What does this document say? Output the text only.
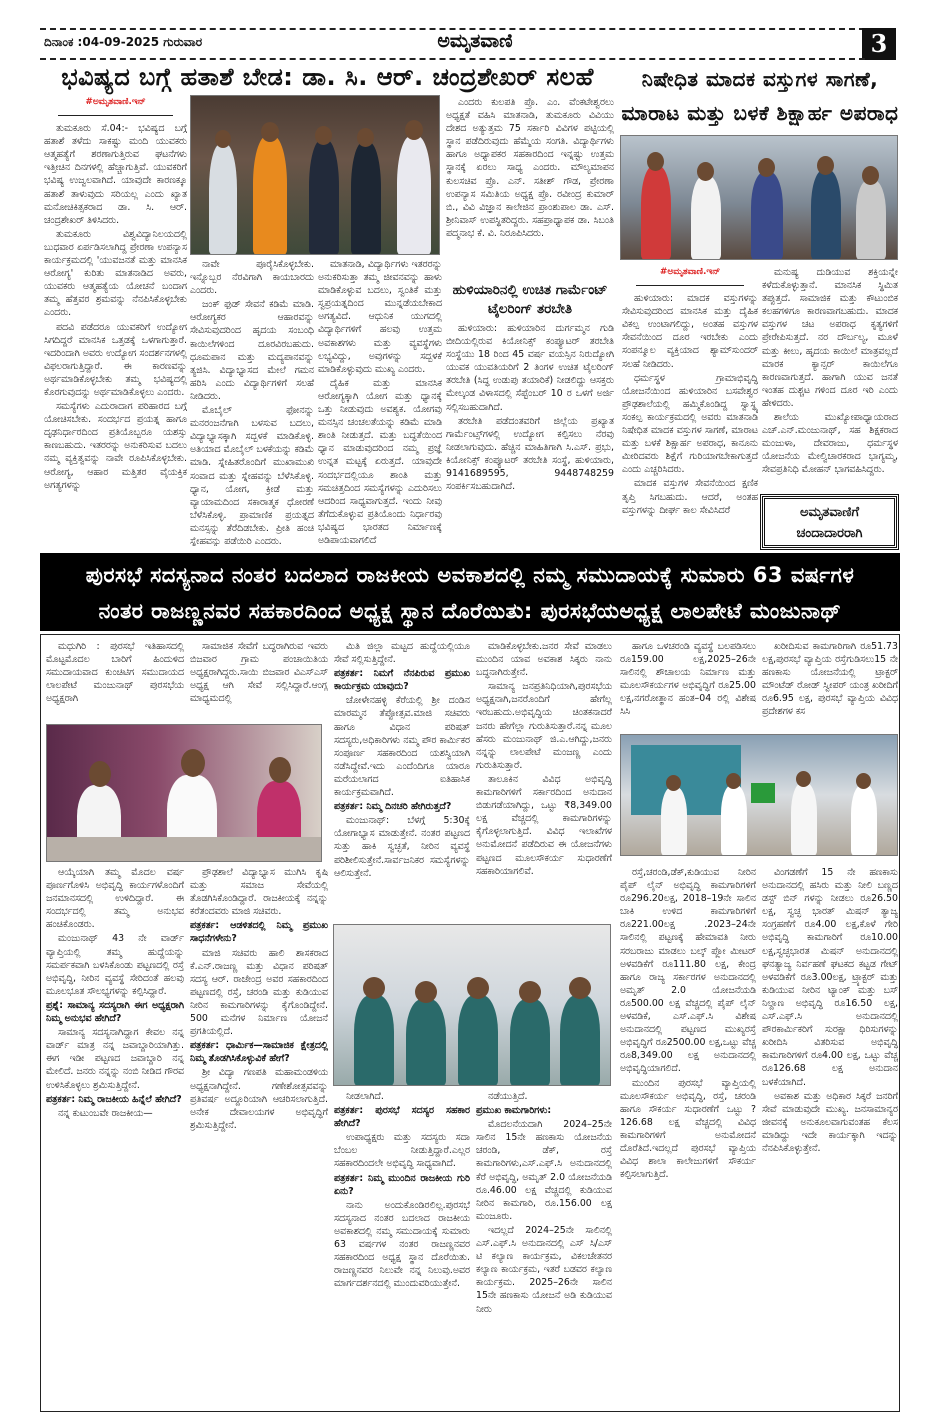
ದಿನಾಂಕ :04-09-2025 ಗುರುವಾರ	ಅಮೃತವಾಣಿ	3
ಭವಿಷ್ಯದ ಬಗ್ಗೆ ಹತಾಶೆ ಬೇಡ: ಡಾ. ಸಿ. ಆರ್. ಚಂದ್ರಶೇಖರ್ ಸಲಹೆ
#ಅಮೃತವಾಣಿ.ಇನ್

ತುಮಕೂರು ಸೆ.04:- ಭವಿಷ್ಯದ ಬಗ್ಗೆ ಹತಾಶೆ ತಳೆದು ಸಾಕಷ್ಟು ಮಂದಿ ಯುವಕರು ಆತ್ಮಹತ್ಯೆಗೆ ಶರಣಾಗುತ್ತಿರುವ ಘಟನೆಗಳು ಇತ್ತೀಚಿನ ದಿನಗಳಲ್ಲಿ ಹೆಚ್ಚಾಗುತ್ತಿವೆ. ಯುವಕರಿಗೆ ಭವಿಷ್ಯ ಉಜ್ವಲವಾಗಿದೆ. ಯಾವುದೇ ಕಾರಣಕ್ಕೂ ಹತಾಶೆ ತಾಳುವುದು ಸರಿಯಲ್ಲ ಎಂದು ಖ್ಯಾತ ಮನೋಚಿಕಿತ್ಸಕರಾದ ಡಾ. ಸಿ. ಆರ್. ಚಂದ್ರಶೇಖರ್ ತಿಳಿಸಿದರು.

ತುಮಕೂರು ವಿಶ್ವವಿದ್ಯಾನಿಲಯದಲ್ಲಿ ಬುಧವಾರ ಏರ್ಪಡಿಸಲಾಗಿದ್ದ ಪ್ರೇರಣಾ ಉಪನ್ಯಾಸ ಕಾರ್ಯಕ್ರಮದಲ್ಲಿ 'ಯುವಜನತೆ ಮತ್ತು ಮಾನಸಿಕ ಆರೋಗ್ಯ' ಕುರಿತು ಮಾತನಾಡಿದ ಅವರು, ಯುವಕರು ಆತ್ಮಹತ್ಯೆಯ ಯೋಚನೆ ಬಂದಾಗ ತಮ್ಮ ಹೆತ್ತವರ ಶ್ರಮವನ್ನು ನೆನಪಿಸಿಕೊಳ್ಳಬೇಕು ಎಂದರು.

ಪದವಿ ಪಡೆದರೂ ಯುವಕರಿಗೆ ಉದ್ಯೋಗ ಸಿಗದಿದ್ದರೆ ಮಾನಸಿಕ ಒತ್ತಡಕ್ಕೆ ಒಳಗಾಗುತ್ತಾರೆ. ಇದರಿಂದಾಗಿ ಅವರು ಉದ್ಯೋಗ ಸಂದರ್ಶನಗಳಲ್ಲಿ ವಿಫಲರಾಗುತ್ತಿದ್ದಾರೆ. ಈ ಕಾರಣವನ್ನು ಅರ್ಥಮಾಡಿಕೊಳ್ಳಬೇಕು ತಮ್ಮ ಭವಿಷ್ಯದಲ್ಲಿ ಕೊರಗುವುದನ್ನು ಅರ್ಥಮಾಡಿಕೊಳ್ಳಲು ಎಂದರು.

ಸಮಸ್ಯೆಗಳು ಎದುರಾದಾಗ ಪರಿಹಾರದ ಬಗ್ಗೆ ಯೋಚಿಸಬೇಕು. ಸಂದರ್ಭದ ಪ್ರಯತ್ನ ಹಾಗೂ ದೃಢನಿರ್ಧಾರದಿಂದ ಪ್ರತಿಯೊಬ್ಬರೂ ಯಶಸ್ಸು ಕಾಣಬಹುದು. ಇತರರನ್ನು ಅನುಕರಿಸುವ ಬದಲು ನಮ್ಮ ವ್ಯಕ್ತಿತ್ವವನ್ನು ನಾವೇ ರೂಪಿಸಿಕೊಳ್ಳಬೇಕು. ಆರೋಗ್ಯ, ಆಹಾರ ಮತ್ತಿತರ ವೈಯಕ್ತಿಕ ಅಗತ್ಯಗಳನ್ನು

ನಾವೇ ಪೂರೈಸಿಕೊಳ್ಳಬೇಕು. ಇನ್ನೊಬ್ಬರ ನೆರವಿಗಾಗಿ ಕಾಯಬಾರದು ಎಂದರು.

ಜಂಕ್ ಫುಡ್ ಸೇವನೆ ಕಡಿಮೆ ಮಾಡಿ. ಆರೋಗ್ಯಕರ ಆಹಾರವನ್ನು ಸೇವಿಸುವುದರಿಂದ ಹೃದಯ ಸಂಬಂಧಿ ಕಾಯಿಲೆಗಳಿಂದ ದೂರವಿರಬಹುದು. ಧೂಮಪಾನ ಮತ್ತು ಮದ್ಯಪಾನವನ್ನು ತ್ಯಜಿಸಿ. ವಿದ್ಯಾಭ್ಯಾಸದ ಮೇಲೆ ಗಮನ ಹರಿಸಿ ಎಂದು ವಿದ್ಯಾರ್ಥಿಗಳಿಗೆ ಸಲಹೆ ನೀಡಿದರು.

ಮೊಬೈಲ್ ಫೋನನ್ನು ಮನರಂಜನೆಗಾಗಿ ಬಳಸುವ ಬದಲು, ವಿದ್ಯಾಭ್ಯಾಸಕ್ಕಾಗಿ ಸದ್ಬಳಕೆ ಮಾಡಿಕೊಳ್ಳಿ. ಅತಿಯಾದ ಮೊಬೈಲ್ ಬಳಕೆಯನ್ನು ಕಡಿಮೆ ಮಾಡಿ. ಸ್ನೇಹಿತರೊಂದಿಗೆ ಮುಖಾಮುಖಿ ಸಂವಾದ ಮತ್ತು ಸ್ನೇಹವನ್ನು ಬೆಳೆಸಿಕೊಳ್ಳಿ. ಧ್ಯಾನ, ಯೋಗ, ಕ್ರೀಡೆ ಮತ್ತು ವ್ಯಾಯಾಮದಿಂದ ಸಕಾರಾತ್ಮಕ ಧೋರಣೆ ಬೆಳೆಸಿಕೊಳ್ಳಿ. ಪ್ರಾಮಾಣಿಕ ಪ್ರಯತ್ನದ ಮನಸ್ಸನ್ನು ತೆರೆದಿಡಬೇಕು. ಪ್ರೀತಿ ಹಂಚಿ ಸ್ನೇಹವನ್ನು ಪಡೆಯಿರಿ ಎಂದರು.

ಮಾತನಾಡಿ, ವಿದ್ಯಾರ್ಥಿಗಳು ಇತರರನ್ನು ಅನುಕರಿಸುತ್ತಾ ತಮ್ಮ ಜೀವನವನ್ನು ಹಾಳು ಮಾಡಿಕೊಳ್ಳುವ ಬದಲು, ಸ್ವಂತಿಕೆ ಮತ್ತು ಸ್ವಪ್ರಯತ್ನದಿಂದ ಮುನ್ನಡೆಯಬೇಕಾದ ಅಗತ್ಯವಿದೆ. ಆಧುನಿಕ ಯುಗದಲ್ಲಿ ವಿದ್ಯಾರ್ಥಿಗಳಿಗೆ ಹಲವು ಉತ್ತಮ ಅವಕಾಶಗಳು ಮತ್ತು ವ್ಯವಸ್ಥೆಗಳು ಲಭ್ಯವಿದ್ದು, ಅವುಗಳನ್ನು ಸದ್ಬಳಕೆ ಮಾಡಿಕೊಳ್ಳುವುದು ಮುಖ್ಯ ಎಂದರು.

ದೈಹಿಕ ಮತ್ತು ಮಾನಸಿಕ ಆರೋಗ್ಯಕ್ಕಾಗಿ ಯೋಗ ಮತ್ತು ಧ್ಯಾನಕ್ಕೆ ಒತ್ತು ನೀಡುವುದು ಅವಶ್ಯಕ. ಯೋಗವು ಮನಸ್ಸಿನ ಚಂಚಲತೆಯನ್ನು ಕಡಿಮೆ ಮಾಡಿ ಶಾಂತಿ ನೀಡುತ್ತದೆ. ಮತ್ತು ಬದ್ಧತೆಯಿಂದ ಧ್ಯಾನ ಮಾಡುವುದರಿಂದ ನಮ್ಮ ಪ್ರಜ್ಞೆ ಉನ್ನತ ಮಟ್ಟಕ್ಕೆ ಏರುತ್ತದೆ. ಯಾವುದೇ ಸಂದರ್ಭದಲ್ಲಿಯೂ ಶಾಂತಿ ಮತ್ತು ಸಮಚಿತ್ತದಿಂದ ಸಮಸ್ಯೆಗಳನ್ನು ಎದುರಿಸಲು ಆದರಿಂದ ಸಾಧ್ಯವಾಗುತ್ತದೆ. ಇಂದು ನೀವು ತೆಗೆದುಕೊಳ್ಳುವ ಪ್ರತಿಯೊಂದು ನಿರ್ಧಾರವು ಭವಿಷ್ಯದ ಭಾರತದ ನಿರ್ಮಾಣಕ್ಕೆ ಅಡಿಪಾಯವಾಗಲಿದೆ

ಎಂದರು ಕುಲಪತಿ ಪ್ರೊ. ಎಂ. ವೆಂಕಟೇಶ್ವರಲು ಅಧ್ಯಕ್ಷತೆ ವಹಿಸಿ ಮಾತನಾಡಿ, ತುಮಕೂರು ವಿವಿಯು ದೇಶದ ಅತ್ಯುತ್ತಮ 75 ಸರ್ಕಾರಿ ವಿವಿಗಳ ಪಟ್ಟಿಯಲ್ಲಿ ಸ್ಥಾನ ಪಡೆದಿರುವುದು ಹೆಮ್ಮೆಯ ಸಂಗತಿ. ವಿದ್ಯಾರ್ಥಿಗಳು ಹಾಗೂ ಅಧ್ಯಾಪಕರ ಸಹಕಾರದಿಂದ ಇನ್ನಷ್ಟು ಉತ್ತಮ ಸ್ಥಾನಕ್ಕೆ ಏರಲು ಸಾಧ್ಯ ಎಂದರು. ಮೌಲ್ಯಮಾಪನ ಕುಲಸಚಿವ ಪ್ರೊ. ಎನ್. ಸತೀಶ್ ಗೌಡ, ಪ್ರೇರಣಾ ಉಪನ್ಯಾಸ ಸಮಿತಿಯ ಅಧ್ಯಕ್ಷ ಪ್ರೊ. ರವೀಂದ್ರ ಕುಮಾರ್ ಬಿ., ವಿವಿ ವಿಜ್ಞಾನ ಕಾಲೇಜಿನ ಪ್ರಾಂಶುಪಾಲ ಡಾ. ಎಸ್. ಶ್ರೀನಿವಾಸ್ ಉಪಸ್ಥಿತರಿದ್ದರು. ಸಹಪ್ರಾಧ್ಯಾಪಕ ಡಾ. ಸಿಬಂತಿ ಪದ್ಮನಾಭ ಕೆ. ವಿ. ನಿರೂಪಿಸಿದರು.

ಹುಳಿಯಾರಿನಲ್ಲಿ ಉಚಿತ ಗಾರ್ಮೆಂಟ್ ಟೈಲರಿಂಗ್ ತರಬೇತಿ

ಹುಳಿಯಾರು: ಹುಳಿಯಾರಿನ ದುರ್ಗಮ್ಮನ ಗುಡಿ ಬೀದಿಯಲ್ಲಿರುವ ಕಿಯೋನಿಕ್ಸ್ ಕಂಪ್ಯೂಟರ್ ತರಬೇತಿ ಸಂಸ್ಥೆಯು 18 ರಿಂದ 45 ವರ್ಷ ವಯಸ್ಸಿನ ನಿರುದ್ಯೋಗಿ ಯುವಕ ಯುವತಿಯರಿಗೆ 2 ತಿಂಗಳ ಉಚಿತ ಟೈಲರಿಂಗ್ ತರಬೇತಿ (ಸಿದ್ಧ ಉಡುಪು ತಯಾರಿಕೆ) ನೀಡಲಿದ್ದು ಆಸಕ್ತರು ಮೇಲ್ಕಂಡ ವಿಳಾಸದಲ್ಲಿ ಸೆಪ್ಟೆಂಬರ್ 10 ರ ಒಳಗೆ ಅರ್ಜಿ ಸಲ್ಲಿಸಬಹುದಾಗಿದೆ.

ತರಬೇತಿ ಪಡೆದಂತವರಿಗೆ ಜಿಲ್ಲೆಯ ಪ್ರಖ್ಯಾತ ಗಾರ್ಮೆಂಟ್ಸ್‌ಗಳಲ್ಲಿ ಉದ್ಯೋಗ ಕಲ್ಪಿಸಲು ನೆರವು ನೀಡಲಾಗುವುದು. ಹೆಚ್ಚಿನ ಮಾಹಿತಿಗಾಗಿ ಸಿ.ಎಸ್. ಪ್ರಭು, ಕಿಯೋನಿಕ್ಸ್ ಕಂಪ್ಯೂಟರ್ ತರಬೇತಿ ಸಂಸ್ಥೆ, ಹುಳಿಯಾರು, 9141689595, 9448748259 ಸಂಪರ್ಕಿಸಬಹುದಾಗಿದೆ.

ನಿಷೇಧಿತ ಮಾದಕ ವಸ್ತುಗಳ ಸಾಗಣೆ,
ಮಾರಾಟ ಮತ್ತು ಬಳಕೆ ಶಿಕ್ಷಾರ್ಹ ಅಪರಾಧ
#ಅಮೃತವಾಣಿ.ಇನ್

ಹುಳಿಯಾರು: ಮಾದಕ ವಸ್ತುಗಳನ್ನು ಸೇವಿಸುವುದರಿಂದ ಮಾನಸಿಕ ಮತ್ತು ದೈಹಿಕ ವಿಕಲ್ಪ ಉಂಟಾಗಲಿದ್ದು, ಅಂತಹ ವಸ್ತುಗಳ ಸೇವನೆಯಿಂದ ದೂರ ಇರಬೇಕು ಎಂದು ಸಂಪನ್ಮೂಲ ವ್ಯಕ್ತಿಯಾದ ಶ್ಯಾಮ್‌ಸುಂದರ್ ಸಲಹೆ ನೀಡಿದರು.

ಧರ್ಮಸ್ಥಳ ಗ್ರಾಮಾಭಿವೃದ್ಧಿ ಯೋಜನೆಯಿಂದ ಹುಳಿಯಾರಿನ ಬಸವೇಶ್ವರ ಪ್ರೌಢಶಾಲೆಯಲ್ಲಿ ಹಮ್ಮಿಕೊಂಡಿದ್ದ ಸ್ವಾಸ್ಥ್ಯ ಸಂಕಲ್ಪ ಕಾರ್ಯಕ್ರಮದಲ್ಲಿ ಅವರು ಮಾತನಾಡಿ ನಿಷೇಧಿತ ಮಾದಕ ವಸ್ತುಗಳ ಸಾಗಣೆ, ಮಾರಾಟ ಮತ್ತು ಬಳಕೆ ಶಿಕ್ಷಾರ್ಹ ಅಪರಾಧ, ಕಾನೂನು ಮೀರಿದವರು ಶಿಕ್ಷೆಗೆ ಗುರಿಯಾಗಬೇಕಾಗುತ್ತದೆ ಎಂದು ಎಚ್ಚರಿಸಿದರು.

ಮಾದಕ ವಸ್ತುಗಳ ಸೇವನೆಯಿಂದ ಕ್ಷಣಿಕ ತೃಪ್ತಿ ಸಿಗಬಹುದು. ಆದರೆ, ಅಂತಹ ವಸ್ತುಗಳನ್ನು ದೀರ್ಘ ಕಾಲ ಸೇವಿಸಿದರೆ

ಮನುಷ್ಯ ದುಡಿಯುವ ಶಕ್ತಿಯನ್ನೇ ಕಳೆದುಕೊಳ್ಳುತ್ತಾನೆ. ಮಾನಸಿಕ ಸ್ಥಿಮಿತ ತಪ್ಪುತ್ತದೆ. ಸಾಮಾಜಿಕ ಮತ್ತು ಕೌಟುಂಬಿಕ ಕಲಹಗಳಿಗೂ ಕಾರಣವಾಗಬಹುದು. ಮಾದಕ ವಸ್ತುಗಳ ಚಟ ಅಪರಾಧ ಕೃತ್ಯಗಳಿಗೆ ಪ್ರೇರೇಪಿಸುತ್ತದೆ. ನರ ದೌರ್ಬಲ್ಯ, ಮೂಳೆ ಮತ್ತು ಕೀಲು, ಹೃದಯ ಕಾಯಿಲೆ ಮಾತ್ರವಲ್ಲದೆ ಮಾರಕ ಕ್ಯಾನ್ಸರ್ ಕಾಯಿಲೆಗೂ ಕಾರಣವಾಗುತ್ತದೆ. ಹಾಗಾಗಿ ಯುವ ಜನತೆ ಇಂತಹ ದುಶ್ಚಟ ಗಳಿಂದ ದೂರ ಇರಿ ಎಂದು ಹೇಳಿದರು.

ಶಾಲೆಯ ಮುಖ್ಯೋಪಾಧ್ಯಾಯರಾದ ಎಚ್.ಎನ್.ಮಂಜುನಾಥ್, ಸಹ ಶಿಕ್ಷಕರಾದ ಮಂಜುಳಾ, ದೇವರಾಜು, ಧರ್ಮಸ್ಥಳ ಯೋಜನೆಯ ಮೇಲ್ವಿಚಾರಕರಾದ ಭಾಗ್ಯಮ್ಮ, ಸೇವಪ್ರತಿನಿಧಿ ಮೋಹನ್ ಭಾಗವಹಿಸಿದ್ದರು.

ಅಮೃತವಾಣಿಗೆ
ಚಂದಾದಾರರಾಗಿ
ಪುರಸಭೆ ಸದಸ್ಯನಾದ ನಂತರ ಬದಲಾದ ರಾಜಕೀಯ ಅವಕಾಶದಲ್ಲಿ ನಮ್ಮ ಸಮುದಾಯಕ್ಕೆ ಸುಮಾರು 63 ವರ್ಷಗಳ
ನಂತರ ರಾಜಣ್ಣನವರ ಸಹಕಾರದಿಂದ ಅಧ್ಯಕ್ಷ ಸ್ಥಾನ ದೊರೆಯಿತು: ಪುರಸಭೆಯಅಧ್ಯಕ್ಷ ಲಾಲಪೇಟೆ ಮಂಜುನಾಥ್

ಮಧುಗಿರಿ : ಪುರಸಭೆ ಇತಿಹಾಸದಲ್ಲಿ ಮೊಟ್ಟಮೊದಲ ಬಾರಿಗೆ ಹಿಂದುಳಿದ ಸಮುದಾಯವಾದ ಕುಂಚಿಟಿಗ ಸಮುದಾಯದ ಲಾಲಪೇಟೆ ಮಂಜುನಾಥ್ ಪುರಸಭೆಯ ಅಧ್ಯಕ್ಷರಾಗಿ

ಸಾಮಾಜಿಕ ಸೇವೆಗೆ ಬದ್ಧರಾಗಿರುವ ಇವರು ಬಿಜವಾರ ಗ್ರಾಮ ಪಂಚಾಯಿತಿಯ ಅಧ್ಯಕ್ಷರಾಗಿದ್ದರು.ಸಾಯಿ ಬಿಜವಾರ ವಿಎಸ್‌ಎಸ್ ಅಧ್ಯಕ್ಷ ಆಗಿ ಸೇವೆ ಸಲ್ಲಿಸಿದ್ದಾರೆ.ಆಂಗ್ಲ ಮಾಧ್ಯಮದಲ್ಲಿ

ಆಯ್ಕೆಯಾಗಿ ತಮ್ಮ ಮೊದಲ ವರ್ಷ ಪೂರ್ಣಗೊಳಿಸಿ ಅಭಿವೃದ್ಧಿ ಕಾರ್ಯಗಳೊಂದಿಗೆ ಜನಮಾನಸದಲ್ಲಿ ಉಳಿದಿದ್ದಾರೆ. ಈ ಸಂದರ್ಭದಲ್ಲಿ ತಮ್ಮ ಅನುಭವ ಹಂಚಿಕೊಂಡರು.

ಮಂಜುನಾಥ್ 43 ನೇ ವಾರ್ಡ್ ವ್ಯಾಪ್ತಿಯಲ್ಲಿ ತಮ್ಮ ಹುದ್ದೆಯನ್ನು ಸಮರ್ಪಕವಾಗಿ ಬಳಸಿಕೊಂಡು ಪಟ್ಟಣದಲ್ಲಿ ರಸ್ತೆ ಅಭಿವೃದ್ಧಿ, ನೀರಿನ ವ್ಯವಸ್ಥೆ ಸೇರಿದಂತೆ ಹಲವು ಮೂಲಭೂತ ಸೌಲಭ್ಯಗಳನ್ನು ಕಲ್ಪಿಸಿದ್ದಾರೆ.

ಪ್ರಶ್ನೆ: ಸಾಮಾನ್ಯ ಸದಸ್ಯರಾಗಿ ಈಗ ಅಧ್ಯಕ್ಷರಾಗಿ ನಿಮ್ಮ ಅನುಭವ ಹೇಗಿದೆ?

ಸಾಮಾನ್ಯ ಸದಸ್ಯನಾಗಿದ್ದಾಗ ಕೇವಲ ನನ್ನ ವಾರ್ಡ್ ಮಾತ್ರ ನನ್ನ ಜವಾಬ್ದಾರಿಯಾಗಿತ್ತು. ಈಗ ಇಡೀ ಪಟ್ಟಣದ ಜವಾಬ್ದಾರಿ ನನ್ನ ಮೇಲಿದೆ. ಜನರು ನನ್ನನ್ನು ನಂಬಿ ನೀಡಿದ ಗೌರವ ಉಳಿಸಿಕೊಳ್ಳಲು ಶ್ರಮಿಸುತ್ತಿದ್ದೇನೆ.

ಪತ್ರಕರ್ತ: ನಿಮ್ಮ ರಾಜಕೀಯ ಹಿನ್ನೆಲೆ ಹೇಗಿದೆ?

ನನ್ನ ಕುಟುಂಬವೇ ರಾಜಕೀಯ—

ಪ್ರೌಢಶಾಲೆ ವಿದ್ಯಾಭ್ಯಾಸ ಮುಗಿಸಿ ಕೃಷಿ ಮತ್ತು ಸಮಾಜ ಸೇವೆಯಲ್ಲಿ ತೊಡಗಿಸಿಕೊಂಡಿದ್ದಾರೆ. ರಾಜಕೀಯಕ್ಕೆ ನನ್ನನ್ನು ಕರೆತಂದವರು ಮಾಜಿ ಸಚಿವರು.

ಪತ್ರಕರ್ತ: ಆಡಳಿತದಲ್ಲಿ ನಿಮ್ಮ ಪ್ರಮುಖ ಸಾಧನೆಗಳೇನು?

ಮಾಜಿ ಸಚಿವರು ಹಾಲಿ ಶಾಸಕರಾದ ಕೆ.ಎನ್.ರಾಜಣ್ಣ ಮತ್ತು ವಿಧಾನ ಪರಿಷತ್ ಸದಸ್ಯ ಆರ್. ರಾಜೇಂದ್ರ ಅವರ ಸಹಕಾರದಿಂದ ಪಟ್ಟಣದಲ್ಲಿ ರಸ್ತೆ, ಚರಂಡಿ ಮತ್ತು ಕುಡಿಯುವ ನೀರಿನ ಕಾಮಗಾರಿಗಳನ್ನು ಕೈಗೊಂಡಿದ್ದೇನೆ. 500 ಮನೆಗಳ ನಿರ್ಮಾಣ ಯೋಜನೆ ಪ್ರಗತಿಯಲ್ಲಿದೆ.

ಪತ್ರಕರ್ತ: ಧಾರ್ಮಿಕ—ಸಾಮಾಜಿಕ ಕ್ಷೇತ್ರದಲ್ಲಿ ನಿಮ್ಮ ತೊಡಗಿಸಿಕೊಳ್ಳುವಿಕೆ ಹೇಗೆ?

ಶ್ರೀ ವಿದ್ಯಾ ಗಣಪತಿ ಮಹಾಮಂಡಳಿಯ ಅಧ್ಯಕ್ಷನಾಗಿದ್ದೇನೆ. ಗಣೇಶೋತ್ಸವವನ್ನು ಪ್ರತಿವರ್ಷ ಅದ್ದೂರಿಯಾಗಿ ಆಚರಿಸಲಾಗುತ್ತಿದೆ. ಅನೇಕ ದೇವಾಲಯಗಳ ಅಭಿವೃದ್ಧಿಗೆ ಶ್ರಮಿಸುತ್ತಿದ್ದೇನೆ.

ಮಿತಿ ಜಿಲ್ಲಾ ಮಟ್ಟದ ಹುದ್ದೆಯಲ್ಲಿಯೂ ಸೇವೆ ಸಲ್ಲಿಸುತ್ತಿದ್ದೇನೆ.

ಪತ್ರಕರ್ತ: ನಿಮಗೆ ನೆನಪಿರುವ ಪ್ರಮುಖ ಕಾರ್ಯಕ್ರಮ ಯಾವುದು?

ಚೋಳೇನಹಳ್ಳಿ ಕೆರೆಯಲ್ಲಿ ಶ್ರೀ ದಂಡಿನ ಮಾರಮ್ಮನ ತೆಪ್ಪೋತ್ಸವ.ಮಾಜಿ ಸಚಿವರು ಹಾಗೂ ವಿಧಾನ ಪರಿಷತ್ ಸದಸ್ಯರು,ಅಧಿಕಾರಿಗಳು ನಮ್ಮ ಪೌರ ಕಾರ್ಮಿಕರ ಸಂಪೂರ್ಣ ಸಹಕಾರದಿಂದ ಯಶಸ್ವಿಯಾಗಿ ನಡೆಸಿದ್ದೇವೆ.ಇದು ಎಂದೆಂದಿಗೂ ಯಾರೂ ಮರೆಯಲಾಗದ ಐತಿಹಾಸಿಕ ಕಾರ್ಯಕ್ರಮವಾಗಿದೆ.

ಪತ್ರಕರ್ತ: ನಿಮ್ಮ ದಿನಚರಿ ಹೇಗಿರುತ್ತದೆ?

ಮಂಜುನಾಥ್: ಬೆಳಗ್ಗೆ 5:30ಕ್ಕೆ ಯೋಗಾಭ್ಯಾಸ ಮಾಡುತ್ತೇನೆ. ನಂತರ ಪಟ್ಟಣದ ಸುತ್ತು ಹಾಕಿ ಸ್ವಚ್ಛತೆ, ನೀರಿನ ವ್ಯವಸ್ಥೆ ಪರಿಶೀಲಿಸುತ್ತೇನೆ.ಸಾರ್ವಜನಿಕರ ಸಮಸ್ಯೆಗಳನ್ನು ಆಲಿಸುತ್ತೇನೆ.

ಮಾಡಿಕೊಳ್ಳಬೇಕು.ಜನರ ಸೇವೆ ಮಾಡಲು ಮುಂದಿನ ಯಾವ ಅವಕಾಶ ಸಿಕ್ಕರು ನಾನು ಬದ್ಧನಾಗಿರುತ್ತೇನೆ.

ಸಾಮಾನ್ಯ ಜನಪ್ರತಿನಿಧಿಯಾಗಿ,ಪುರಸಭೆಯ ಅಧ್ಯಕ್ಷನಾಗಿ,ಜನರೊಂದಿಗೆ ಹೇಗೆಲ್ಲ ಇರಬಹುದು.ಅಭಿವೃದ್ಧಿಯ ಚಿಂತಕನಾದರೆ ಜನರು ಹೇಗೆಲ್ಲಾ ಗುರುತಿಸುತ್ತಾರೆ.ನನ್ನ ಮೂಲ ಹೆಸರು ಮಂಜುನಾಥ್ ಜಿ.ಎ.ಆಗಿದ್ದು,ಜನರು ನನ್ನನ್ನು ಲಾಲಪೇಟೆ ಮಂಜಣ್ಣ ಎಂದು ಗುರುತಿಸುತ್ತಾರೆ.

ತಾಲೂಕಿನ ವಿವಿಧ ಅಭಿವೃದ್ಧಿ ಕಾಮಗಾರಿಗಳಿಗೆ ಸರ್ಕಾರದಿಂದ ಅನುದಾನ ಬಿಡುಗಡೆಯಾಗಿದ್ದು, ಒಟ್ಟು ₹8,349.00 ಲಕ್ಷ ವೆಚ್ಚದಲ್ಲಿ ಕಾಮಗಾರಿಗಳನ್ನು ಕೈಗೊಳ್ಳಲಾಗುತ್ತಿದೆ. ವಿವಿಧ ಇಲಾಖೆಗಳ ಅನುಮೋದನೆ ಪಡೆದಿರುವ ಈ ಯೋಜನೆಗಳು ಪಟ್ಟಣದ ಮೂಲಸೌಕರ್ಯ ಸುಧಾರಣೆಗೆ ಸಹಕಾರಿಯಾಗಲಿವೆ.

ನೀಡಲಾಗಿದೆ.

ಪತ್ರಕರ್ತ: ಪುರಸಭೆ ಸದಸ್ಯರ ಸಹಕಾರ ಹೇಗಿದೆ?

ಉಪಾಧ್ಯಕ್ಷರು ಮತ್ತು ಸದಸ್ಯರು ಸದಾ ಬೆಂಬಲ ನೀಡುತ್ತಿದ್ದಾರೆ.ಎಲ್ಲರ ಸಹಕಾರದಿಂದಲೇ ಅಭಿವೃದ್ಧಿ ಸಾಧ್ಯವಾಗಿದೆ.

ಪತ್ರಕರ್ತ: ನಿಮ್ಮ ಮುಂದಿನ ರಾಜಕೀಯ ಗುರಿ ಏನು?

ನಾನು ಅಂದುಕೊಂಡಿರಲಿಲ್ಲ.ಪುರಸಭೆ ಸದಸ್ಯನಾದ ನಂತರ ಬದಲಾದ ರಾಜಕೀಯ ಅವಕಾಶದಲ್ಲಿ ನಮ್ಮ ಸಮುದಾಯಕ್ಕೆ ಸುಮಾರು 63 ವರ್ಷಗಳ ನಂತರ ರಾಜಣ್ಣನವರ ಸಹಕಾರದಿಂದ ಅಧ್ಯಕ್ಷ ಸ್ಥಾನ ದೊರೆಯಿತು. ರಾಜಣ್ಣನವರ ನಿಲುವೇ ನನ್ನ ನಿಲುವು.ಅವರ ಮಾರ್ಗದರ್ಶನದಲ್ಲಿ ಮುಂದುವರಿಯುತ್ತೇನೆ.

ನಡೆಯುತ್ತಿದೆ.

ಪ್ರಮುಖ ಕಾಮಗಾರಿಗಳು:

ಮೊದಲನೆಯದಾಗಿ 2024–25ನೇ ಸಾಲಿನ 15ನೇ ಹಣಕಾಸು ಯೋಜನೆಯ ಚರಂಡಿ, ಡೆಕ್, ರಸ್ತೆ ಕಾಮಗಾರಿಗಳು,ಎಸ್.ಎಫ್.ಸಿ ಅನುದಾನದಲ್ಲಿ ಕೆರೆ ಅಭಿವೃದ್ಧಿ, ಅಮೃತ್ 2.0 ಯೋಜನೆಯಡಿ ರೂ.46.00 ಲಕ್ಷ ವೆಚ್ಚದಲ್ಲಿ ಕುಡಿಯುವ ನೀರಿನ ಕಾಮಗಾರಿ, ರೂ.156.00 ಲಕ್ಷ ಮಂಜೂರು.

ಇದಲ್ಲದೆ 2024–25ನೇ ಸಾಲಿನಲ್ಲಿ ಎಸ್.ಎಫ್.ಸಿ ಅನುದಾನದಲ್ಲಿ ಎಸ್ ಸಿ/ಎಸ್ ಟಿ ಕಲ್ಯಾಣ ಕಾರ್ಯಕ್ರಮ, ವಿಕಲಚೇತನರ ಕಲ್ಯಾಣ ಕಾರ್ಯಕ್ರಮ, ಇತರೆ ಬಡವರ ಕಲ್ಯಾಣ ಕಾರ್ಯಕ್ರಮ. 2025–26ನೇ ಸಾಲಿನ 15ನೇ ಹಣಕಾಸು ಯೋಜನೆ ಅಡಿ ಕುಡಿಯುವ ನೀರು

ಹಾಗೂ ಒಳಚರಂಡಿ ವ್ಯವಸ್ಥೆ ಬಲಪಡಿಸಲು ರೂ159.00 ಲಕ್ಷ,2025–26ನೇ ಸಾಲಿನಲ್ಲಿ ಶೌಚಾಲಯ ನಿರ್ಮಾಣ ಮತ್ತು ಮೂಲಸೌಕರ್ಯಗಳ ಅಭಿವೃದ್ಧಿಗೆ ರೂ25.00 ಲಕ್ಷ,ನಗರೋತ್ಥಾನ ಹಂತ–04 ರಲ್ಲಿ ವಿಶೇಷ ಸಿಸಿ

ಖರೀದಿಸುವ ಕಾಮಗಾರಿಗಾಗಿ ರೂ51.73 ಲಕ್ಷ,ಪುರಸಭೆ ವ್ಯಾಪ್ತಿಯ ರಸ್ತೆಗುಡಿಸಲು15 ನೇ ಹಣಕಾಸು ಯೋಜನೆಯಲ್ಲಿ ಟ್ರಾಕ್ಟರ್ ಮೌಂಟೆಡ್ ರೋಡ್ ಸ್ವೀಪರ್ ಯಂತ್ರ ಖರೀದಿಗೆ ರೂ6.95 ಲಕ್ಷ, ಪುರಸಭೆ ವ್ಯಾಪ್ತಿಯ ವಿವಿಧ ಪ್ರದೇಶಗಳ ಕಸ

ರಸ್ತೆ,ಚರಂಡಿ,ಡೆಕ್,ಕುಡಿಯುವ ನೀರಿನ ಪೈಪ್ ಲೈನ್ ಅಭಿವೃದ್ಧಿ ಕಾಮಗಾರಿಗಳಿಗೆ ರೂ296.20ಲಕ್ಷ, 2018–19ನೇ ಸಾಲಿನ ಬಾಕಿ ಉಳಿದ ಕಾಮಗಾರಿಗಳಿಗೆ ರೂ221.00ಲಕ್ಷ .2023–24ನೇ ಸಾಲಿನಲ್ಲಿ ಪಟ್ಟಣಕ್ಕೆ ಹೇಮಾವತಿ ನೀರು ಸರಬರಾಜು ಮಾಡಲು ಬಲ್ಕ್ ಪ್ಲೋ ಮೀಟರ್ ಅಳವಡಿಕೆಗೆ ರೂ111.80 ಲಕ್ಷ, ಕೇಂದ್ರ ಹಾಗೂ ರಾಜ್ಯ ಸರ್ಕಾರಗಳ ಅನುದಾನದಲ್ಲಿ ಅಮೃತ್ 2.0 ಯೋಜನೆಯಡಿ ರೂ500.00 ಲಕ್ಷ ವೆಚ್ಚದಲ್ಲಿ ಪೈಪ್ ಲೈನ್ ಅಳವಡಿಕೆ, ಎಸ್.ಎಫ್.ಸಿ ವಿಶೇಷ ಅನುದಾನದಲ್ಲಿ ಪಟ್ಟಣದ ಮುಖ್ಯರಸ್ತೆ ಅಭಿವೃದ್ಧಿಗೆ ರೂ2500.00 ಲಕ್ಷ,ಒಟ್ಟು ವೆಚ್ಚ ರೂ8,349.00 ಲಕ್ಷ ಅನುದಾನದಲ್ಲಿ ಅಭಿವೃದ್ಧಿಯಾಗಲಿದೆ.

ಮುಂದಿನ ಪುರಸಭೆ ವ್ಯಾಪ್ತಿಯಲ್ಲಿ ಮೂಲಸೌಕರ್ಯ ಅಭಿವೃದ್ಧಿ, ರಸ್ತೆ, ಚರಂಡಿ ಹಾಗೂ ಸೌಕರ್ಯ ಸುಧಾರಣೆಗೆ ಒಟ್ಟು ?126.68 ಲಕ್ಷ ವೆಚ್ಚದಲ್ಲಿ ವಿವಿಧ ಕಾಮಗಾರಿಗಳಿಗೆ ಅನುಮೋದನೆ ದೊರೆತಿದೆ.ಇದಲ್ಲದೆ ಪುರಸಭೆ ವ್ಯಾಪ್ತಿಯ ವಿವಿಧ ಶಾಲಾ ಕಾಲೇಜುಗಳಿಗೆ ಸೌಕರ್ಯ ಕಲ್ಪಿಸಲಾಗುತ್ತಿದೆ.

ವಿಂಗಡಣೆಗೆ 15 ನೇ ಹಣಕಾಸು ಅನುದಾನದಲ್ಲಿ ಹಸಿರು ಮತ್ತು ನೀಲಿ ಬಣ್ಣದ ಡಸ್ಟ್ ಬಿನ್ ಗಳನ್ನು ನೀಡಲು ರೂ26.50 ಲಕ್ಷ, ಸ್ವಚ್ಛ ಭಾರತ್ ಮಿಷನ್ ತ್ಯಾಜ್ಯ ಸಂಗ್ರಹಣೆಗೆ ರೂ4.00 ಲಕ್ಷ,ಕೊಳೆ ಗೇರಿ ಅಭಿವೃದ್ಧಿ ಕಾಮಗಾರಿಗೆ ರೂ10.00 ಲಕ್ಷ,ಸ್ವಚ್ಛಭಾರತ ಮಿಷನ್ ಅನುದಾನದಲ್ಲಿ ಘನತ್ಯಾಜ್ಯ ನಿರ್ವಹಣೆ ಘಟಕದ ಕಟ್ಟಡ ಗೇಟ್ ಅಳವಡಿಕೆಗೆ ರೂ3.00ಲಕ್ಷ, ಟ್ರ್ಯಾಕ್ಟರ್ ಮತ್ತು ಕುಡಿಯುವ ನೀರಿನ ಟ್ಯಾಂಕ್ ಮತ್ತು ಬಸ್ ನಿಲ್ದಾಣ ಅಭಿವೃದ್ಧಿ ರೂ16.50 ಲಕ್ಷ, ಎಸ್.ಎಫ್.ಸಿ ಅನುದಾನದಲ್ಲಿ ಪೌರಕಾರ್ಮಿಕರಿಗೆ ಸುರಕ್ಷಾ ಧಿರಿಸುಗಳನ್ನು ಖರೀದಿಸಿ ವಿತರಿಸುವ ಅಭಿವೃದ್ಧಿ ಕಾಮಗಾರಿಗಳಿಗೆ ರೂ4.00 ಲಕ್ಷ, ಒಟ್ಟು ವೆಚ್ಚ ರೂ126.68 ಲಕ್ಷ ಅನುದಾನ ಬಳಕೆಯಾಗಿದೆ.

ಅವಕಾಶ ಮತ್ತು ಅಧಿಕಾರ ಸಿಕ್ಕರೆ ಜನರಿಗೆ ಸೇವೆ ಮಾಡುವುದೇ ಮುಖ್ಯ. ಜನಸಾಮಾನ್ಯರ ಜೀವನಕ್ಕೆ ಅನುಕೂಲವಾಗುವಂತಹ ಕೆಲಸ ಮಾಡಿದ್ದು ಇದೇ ಕಾರ್ಯಕ್ಕಾಗಿ ಇದನ್ನು ನೆನಪಿಸಿಕೊಳ್ಳುತ್ತೇನೆ.
